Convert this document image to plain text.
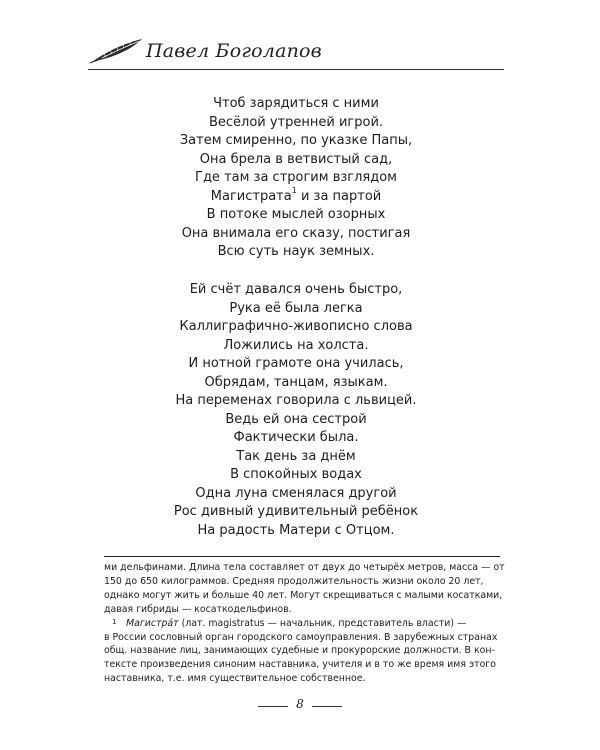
Павел Боголапов
Чтоб зарядиться с ними
Весёлой утренней игрой.
Затем смиренно, по указке Папы,
Она брела в ветвистый сад,
Где там за строгим взглядом
Магистрата$^1$ и за партой
В потоке мыслей озорных
Она внимала его сказу, постигая
Всю суть наук земных.
Ей счёт давался очень быстро,
Рука её была легка
Каллиграфично-живописно слова
Ложились на холста.
И нотной грамоте она училась,
Обрядам, танцам, языкам.
На переменах говорила с львицей.
Ведь ей она сестрой
Фактически была.
Так день за днём
В спокойных водах
Одна луна сменялася другой
Рос дивный удивительный ребёнок
На радость Матери с Отцом.
ми дельфинами. Длина тела составляет от двух до четырёх метров, масса — от
150 до 650 килограммов. Средняя продолжительность жизни около 20 лет,
однако могут жить и больше 40 лет. Могут скрещиваться с малыми косатками,
давая гибриды — косаткодельфинов.
1 Магистрáт (лат. magistratus — начальник, представитель власти) —
в России сословный орган городского самоуправления. В зарубежных странах
общ. название лиц, занимающих судебные и прокурорские должности. В кон-
тексте произведения синоним наставника, учителя и в то же время имя этого
наставника, т.е. имя существительное собственное.
8
